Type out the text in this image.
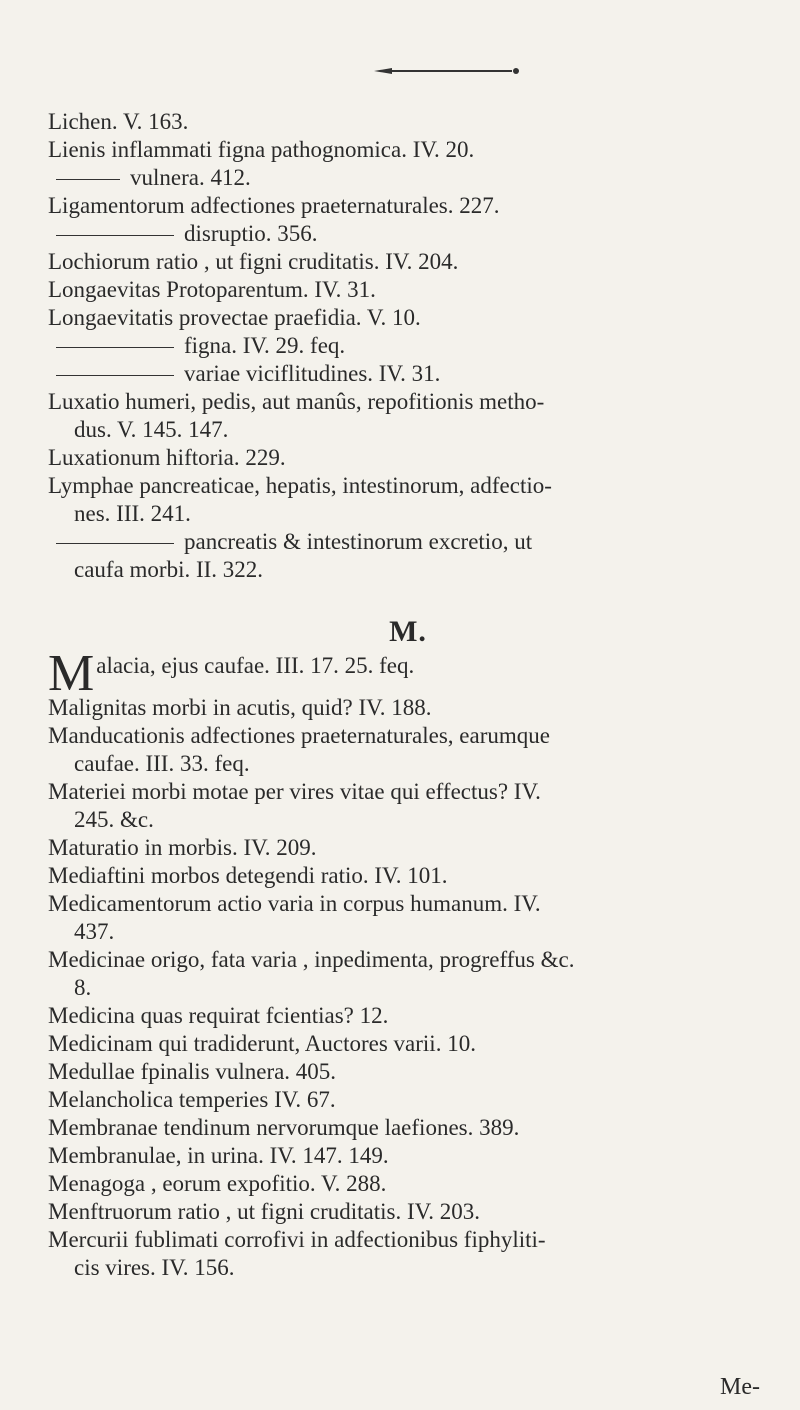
Lichen. V. 163.
Lienis inflammati figna pathognomica. IV. 20.
vulnera. 412.
Ligamentorum adfectiones praeternaturales. 227.
disruptio. 356.
Lochiorum ratio , ut figni cruditatis. IV. 204.
Longaevitas Protoparentum. IV. 31.
Longaevitatis provectae praefidia. V. 10.
figna. IV. 29. feq.
variae viciflitudines. IV. 31.
Luxatio humeri, pedis, aut manûs, repofitionis metho-
dus. V. 145. 147.
Luxationum hiftoria. 229.
Lymphae pancreaticae, hepatis, intestinorum, adfectio-
nes. III. 241.
pancreatis & intestinorum excretio, ut
caufa morbi. II. 322.
M.
M alacia, ejus caufae. III. 17. 25. feq.
Malignitas morbi in acutis, quid? IV. 188.
Manducationis adfectiones praeternaturales, earumque
caufae. III. 33. feq.
Materiei morbi motae per vires vitae qui effectus? IV.
245. &c.
Maturatio in morbis. IV. 209.
Mediaftini morbos detegendi ratio. IV. 101.
Medicamentorum actio varia in corpus humanum. IV.
437.
Medicinae origo, fata varia , inpedimenta, progreffus &c.
8.
Medicina quas requirat fcientias? 12.
Medicinam qui tradiderunt, Auctores varii. 10.
Medullae fpinalis vulnera. 405.
Melancholica temperies IV. 67.
Membranae tendinum nervorumque laefiones. 389.
Membranulae, in urina. IV. 147. 149.
Menagoga , eorum expofitio. V. 288.
Menftruorum ratio , ut figni cruditatis. IV. 203.
Mercurii fublimati corrofivi in adfectionibus fiphyliti-
cis vires. IV. 156.
Me-
